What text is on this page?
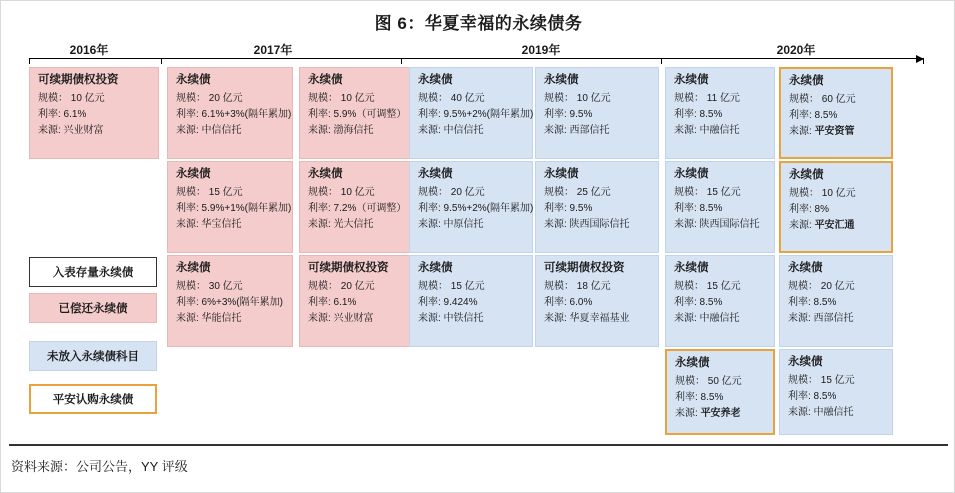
图 6：华夏幸福的永续债务
2016年	2017年	2019年	2020年
可续期债权投资
规模： 10 亿元
利率: 6.1%
来源: 兴业财富
永续债
规模： 20 亿元
利率: 6.1%+3%(隔年累加)
来源: 中信信托
永续债
规模： 10 亿元
利率: 5.9%（可调整）
来源: 渤海信托
永续债
规模： 40 亿元
利率: 9.5%+2%(隔年累加)
来源: 中信信托
永续债
规模： 10 亿元
利率: 9.5%
来源: 西部信托
永续债
规模： 11 亿元
利率: 8.5%
来源: 中融信托
永续债
规模： 60 亿元
利率: 8.5%
来源: 平安资管
永续债
规模： 15 亿元
利率: 5.9%+1%(隔年累加)
来源: 华宝信托
永续债
规模： 10 亿元
利率: 7.2%（可调整）
来源: 光大信托
永续债
规模： 20 亿元
利率: 9.5%+2%(隔年累加)
来源: 中原信托
永续债
规模： 25 亿元
利率: 9.5%
来源: 陕西国际信托
永续债
规模： 15 亿元
利率: 8.5%
来源: 陕西国际信托
永续债
规模： 10 亿元
利率: 8%
来源: 平安汇通
永续债
规模： 30 亿元
利率: 6%+3%(隔年累加)
来源: 华能信托
可续期债权投资
规模： 20 亿元
利率: 6.1%
来源: 兴业财富
永续债
规模： 15 亿元
利率: 9.424%
来源: 中铁信托
可续期债权投资
规模： 18 亿元
利率: 6.0%
来源: 华夏幸福基业
永续债
规模： 15 亿元
利率: 8.5%
来源: 中融信托
永续债
规模： 20 亿元
利率: 8.5%
来源: 西部信托
永续债
规模： 50 亿元
利率: 8.5%
来源: 平安养老
永续债
规模： 15 亿元
利率: 8.5%
来源: 中融信托
入表存量永续债
已偿还永续债
未放入永续债科目
平安认购永续债
资料来源：公司公告，YY 评级
